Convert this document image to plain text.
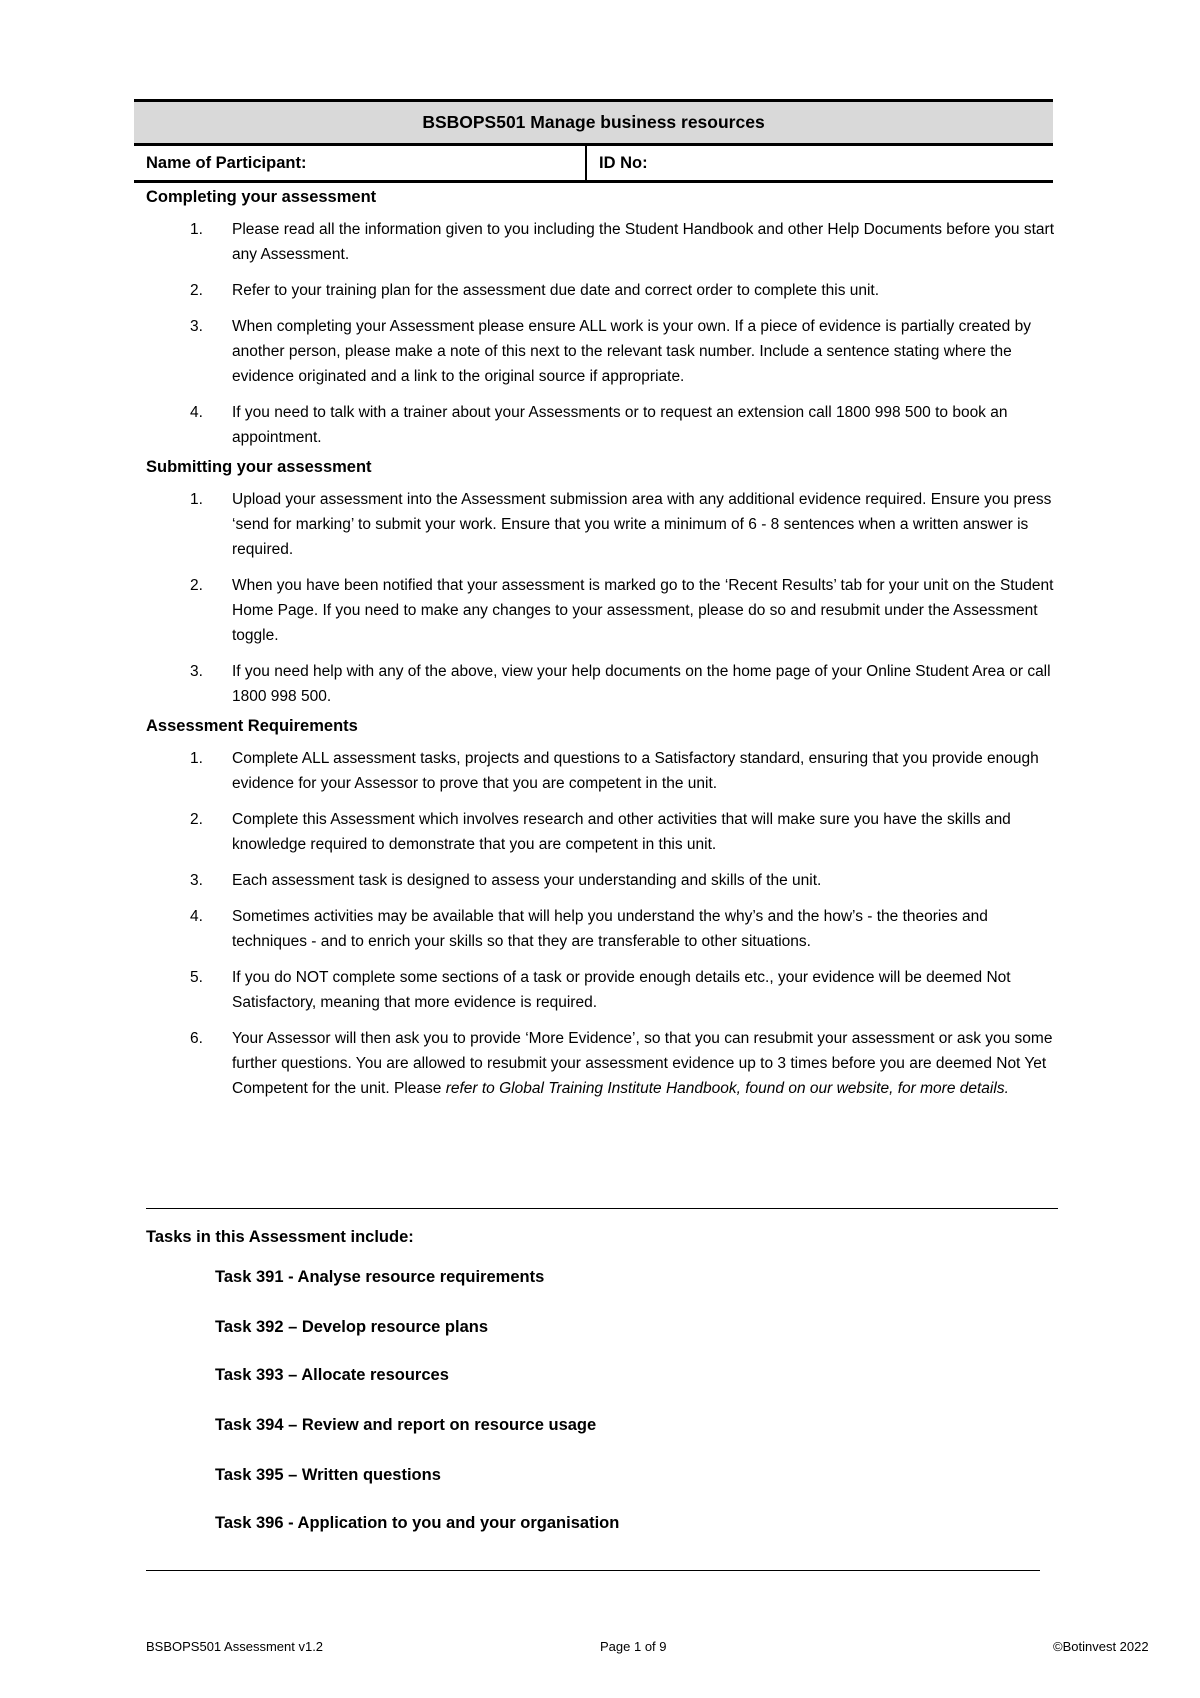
BSBOPS501 Manage business resources
Name of Participant:	ID No:
Completing your assessment
1. Please read all the information given to you including the Student Handbook and other Help Documents before you start any Assessment.
2. Refer to your training plan for the assessment due date and correct order to complete this unit.
3. When completing your Assessment please ensure ALL work is your own. If a piece of evidence is partially created by another person, please make a note of this next to the relevant task number. Include a sentence stating where the evidence originated and a link to the original source if appropriate.
4. If you need to talk with a trainer about your Assessments or to request an extension call 1800 998 500 to book an appointment.
Submitting your assessment
1. Upload your assessment into the Assessment submission area with any additional evidence required. Ensure you press ‘send for marking’ to submit your work. Ensure that you write a minimum of 6 - 8 sentences when a written answer is required.
2. When you have been notified that your assessment is marked go to the ‘Recent Results’ tab for your unit on the Student Home Page. If you need to make any changes to your assessment, please do so and resubmit under the Assessment toggle.
3. If you need help with any of the above, view your help documents on the home page of your Online Student Area or call 1800 998 500.
Assessment Requirements
1. Complete ALL assessment tasks, projects and questions to a Satisfactory standard, ensuring that you provide enough evidence for your Assessor to prove that you are competent in the unit.
2. Complete this Assessment which involves research and other activities that will make sure you have the skills and knowledge required to demonstrate that you are competent in this unit.
3. Each assessment task is designed to assess your understanding and skills of the unit.
4. Sometimes activities may be available that will help you understand the why’s and the how’s - the theories and techniques - and to enrich your skills so that they are transferable to other situations.
5. If you do NOT complete some sections of a task or provide enough details etc., your evidence will be deemed Not Satisfactory, meaning that more evidence is required.
6. Your Assessor will then ask you to provide ‘More Evidence’, so that you can resubmit your assessment or ask you some further questions. You are allowed to resubmit your assessment evidence up to 3 times before you are deemed Not Yet Competent for the unit. Please refer to Global Training Institute Handbook, found on our website, for more details.
Tasks in this Assessment include:
Task 391 - Analyse resource requirements
Task 392 – Develop resource plans
Task 393 – Allocate resources
Task 394 – Review and report on resource usage
Task 395 – Written questions
Task 396 - Application to you and your organisation
BSBOPS501 Assessment v1.2	Page 1 of 9	©Botinvest 2022
